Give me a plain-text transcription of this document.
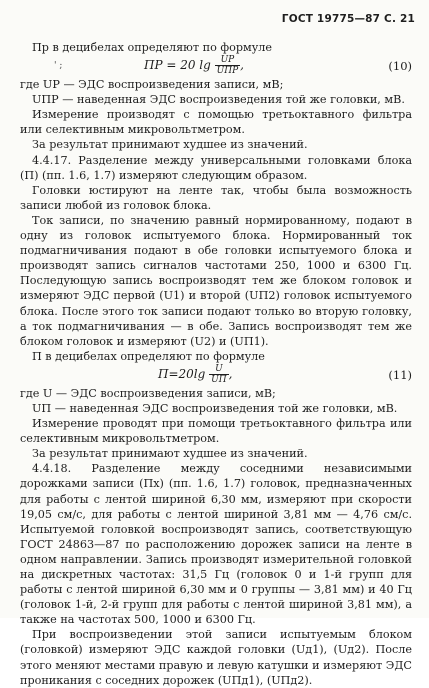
ГОСТ 19775—87 С. 21

Пр в децибелах определяют по формуле

' ;	ПР = 20 $\lg \frac{UP}{\text{UПР}}$ ,	(10)

где UP — ЭДС воспроизведения записи, мВ;

UПР — наведенная ЭДС воспроизведения той же головки, мВ.

Измерение производят с помощью третьоктавного фильтра или селективным микровольтметром.

За результат принимают худшее из значений.

4.4.17. Разделение между универсальными головками блока (П) (пп. 1.6, 1.7) измеряют следующим образом.

Головки юстируют на ленте так, чтобы была возможность записи любой из головок блока.

Ток записи, по значению равный нормированному, подают в одну из головок испытуемого блока. Нормированный ток подмагничивания подают в обе головки испытуемого блока и производят запись сигналов частотами 250, 1000 и 6300 Гц. Последующую запись воспроизводят тем же блоком головок и измеряют ЭДС первой (U1) и второй (UП2) головок испытуемого блока. После этого ток записи подают только во вторую головку, а ток подмагничивания — в обе. Запись воспроизводят тем же блоком головок и измеряют (U2) и (UП1).

П в децибелах определяют по формуле

$П=20\lg \frac{U}{UП}$ ,	(11)

где U — ЭДС воспроизведения записи, мВ;

UП — наведенная ЭДС воспроизведения той же головки, мВ.

Измерение проводят при помощи третьоктавного фильтра или селективным микровольтметром.

За результат принимают худшее из значений.

4.4.18. Разделение между соседними независимыми дорожками записи (Пх) (пп. 1.6, 1.7) головок, предназначенных для работы с лентой шириной 6,30 мм, измеряют при скорости 19,05 см/с, для работы с лентой шириной 3,81 мм — 4,76 см/с. Испытуемой головкой воспроизводят запись, соответствующую ГОСТ 24863—87 по расположению дорожек записи на ленте в одном направлении. Запись производят измерительной головкой на дискретных частотах: 31,5 Гц (головок 0 и 1-й групп для работы с лентой шириной 6,30 мм и 0 группы — 3,81 мм) и 40 Гц (головок 1-й, 2-й групп для работы с лентой шириной 3,81 мм), а также на частотах 500, 1000 и 6300 Гц.

При воспроизведении этой записи испытуемым блоком (головкой) измеряют ЭДС каждой головки (Uд1), (Uд2). После этого меняют местами правую и левую катушки и измеряют ЭДС проникания с соседних дорожек (UПд1), (UПд2).
